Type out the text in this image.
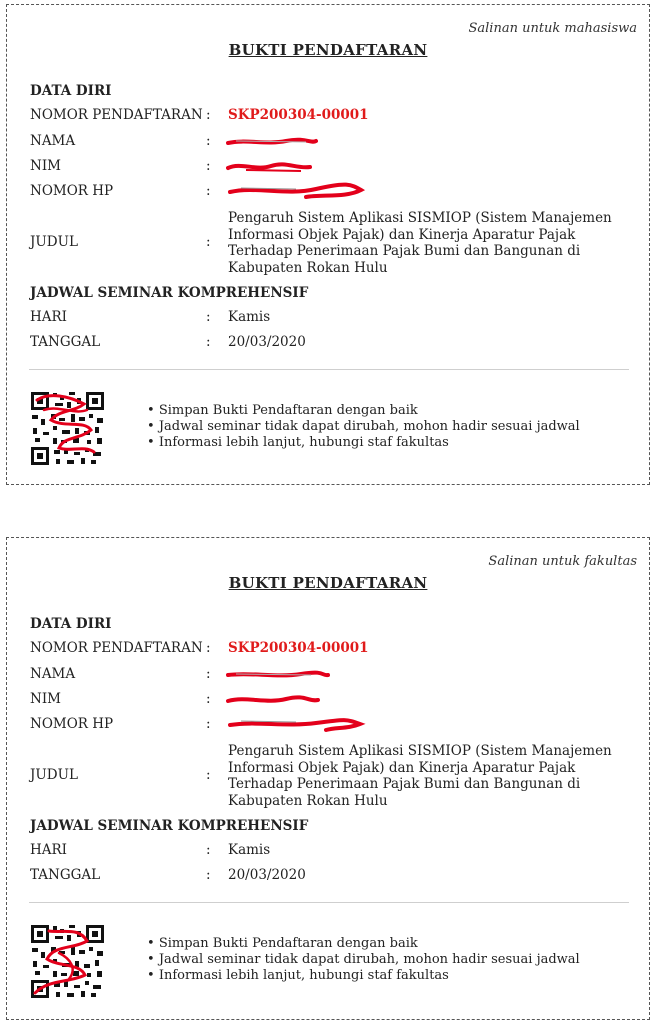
Salinan untuk mahasiswa
BUKTI PENDAFTARAN
DATA DIRI
NOMOR PENDAFTARAN : SKP200304-00001
NAMA	:
NIM	:
NOMOR HP	:
JUDUL	:
Pengaruh Sistem Aplikasi SISMIOP (Sistem Manajemen Informasi Objek Pajak) dan Kinerja Aparatur Pajak Terhadap Penerimaan Pajak Bumi dan Bangunan di Kabupaten Rokan Hulu
JADWAL SEMINAR KOMPREHENSIF
HARI	: Kamis
TANGGAL	: 20/03/2020
• Simpan Bukti Pendaftaran dengan baik
• Jadwal seminar tidak dapat dirubah, mohon hadir sesuai jadwal
• Informasi lebih lanjut, hubungi staf fakultas
Salinan untuk fakultas
BUKTI PENDAFTARAN
DATA DIRI
NOMOR PENDAFTARAN : SKP200304-00001
NAMA	:
NIM	:
NOMOR HP	:
JUDUL	:
Pengaruh Sistem Aplikasi SISMIOP (Sistem Manajemen Informasi Objek Pajak) dan Kinerja Aparatur Pajak Terhadap Penerimaan Pajak Bumi dan Bangunan di Kabupaten Rokan Hulu
JADWAL SEMINAR KOMPREHENSIF
HARI	: Kamis
TANGGAL	: 20/03/2020
• Simpan Bukti Pendaftaran dengan baik
• Jadwal seminar tidak dapat dirubah, mohon hadir sesuai jadwal
• Informasi lebih lanjut, hubungi staf fakultas
